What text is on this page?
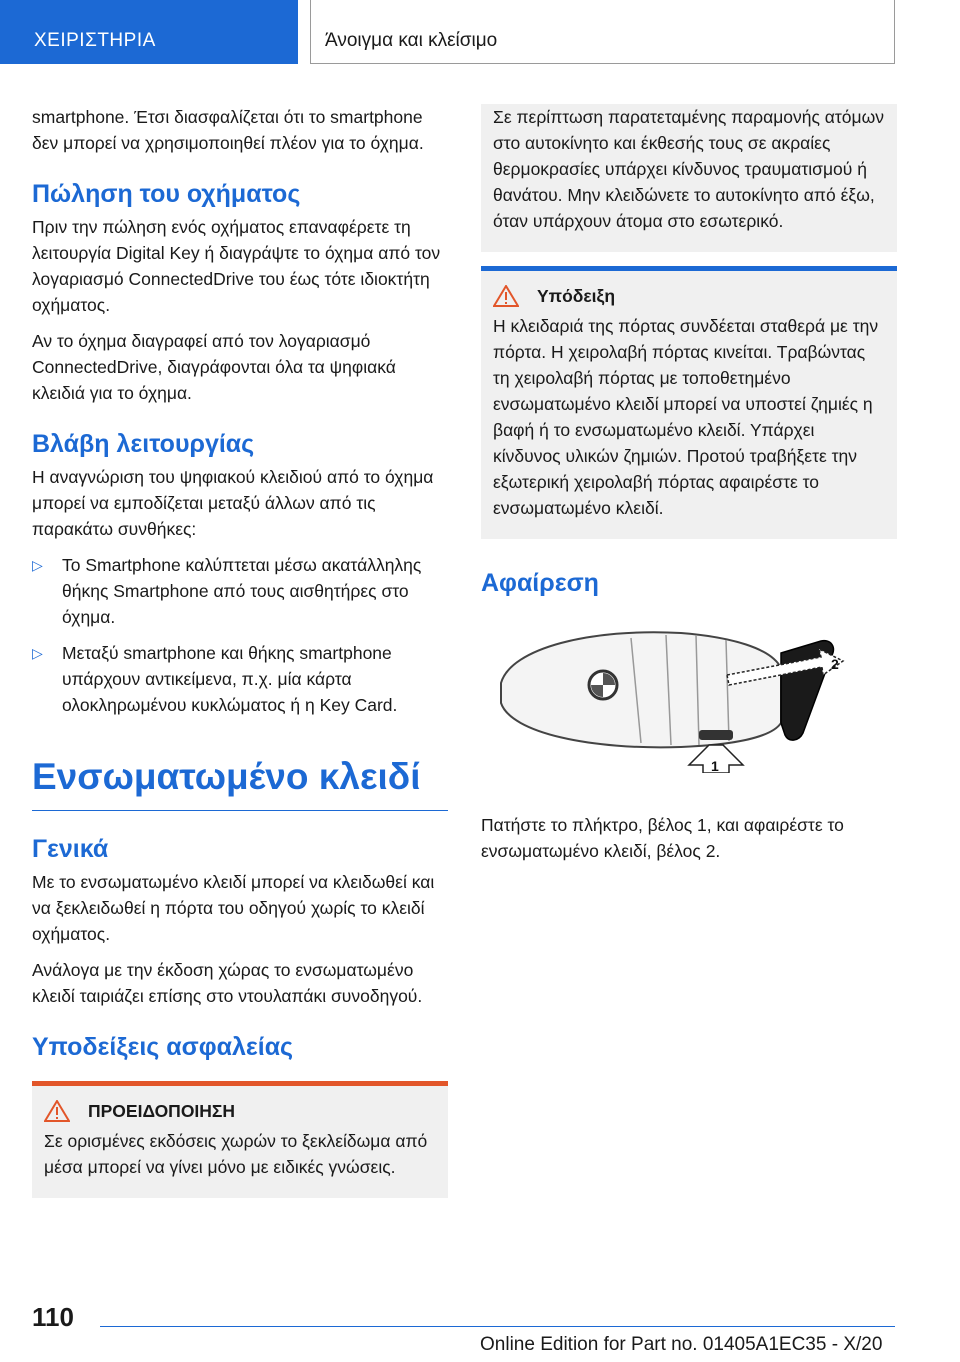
ΧΕΙΡΙΣΤΗΡΙΑ	Άνοιγμα και κλείσιμο

smartphone. Έτσι διασφαλίζεται ότι το smartphone δεν μπορεί να χρησιμοποιηθεί πλέον για το όχημα.

Πώληση του οχήματος

Πριν την πώληση ενός οχήματος επαναφέρετε τη λειτουργία Digital Key ή διαγράψτε το όχημα από τον λογαριασμό ConnectedDrive του έως τότε ιδιοκτήτη οχήματος.

Αν το όχημα διαγραφεί από τον λογαριασμό ConnectedDrive, διαγράφονται όλα τα ψηφιακά κλειδιά για το όχημα.

Βλάβη λειτουργίας

Η αναγνώριση του ψηφιακού κλειδιού από το όχημα μπορεί να εμποδίζεται μεταξύ άλλων από τις παρακάτω συνθήκες:

▷ Το Smartphone καλύπτεται μέσω ακατάλληλης θήκης Smartphone από τους αισθητήρες στο όχημα.
▷ Μεταξύ smartphone και θήκης smartphone υπάρχουν αντικείμενα, π.χ. μία κάρτα ολοκληρωμένου κυκλώματος ή η Key Card.
Ενσωματωμένο κλειδί
Γενικά

Με το ενσωματωμένο κλειδί μπορεί να κλειδωθεί και να ξεκλειδωθεί η πόρτα του οδηγού χωρίς το κλειδί οχήματος.

Ανάλογα με την έκδοση χώρας το ενσωματωμένο κλειδί ταιριάζει επίσης στο ντουλαπάκι συνοδηγού.

Υποδείξεις ασφαλείας
ΠΡΟΕΙΔΟΠΟΙΗΣΗ

Σε ορισμένες εκδόσεις χωρών το ξεκλείδωμα από μέσα μπορεί να γίνει μόνο με ειδικές γνώσεις.

Σε περίπτωση παρατεταμένης παραμονής ατόμων στο αυτοκίνητο και έκθεσής τους σε ακραίες θερμοκρασίες υπάρχει κίνδυνος τραυματισμού ή θανάτου. Μην κλειδώνετε το αυτοκίνητο από έξω, όταν υπάρχουν άτομα στο εσωτερικό.

Υπόδειξη

Η κλειδαριά της πόρτας συνδέεται σταθερά με την πόρτα. Η χειρολαβή πόρτας κινείται. Τραβώντας τη χειρολαβή πόρτας με τοποθετημένο ενσωματωμένο κλειδί μπορεί να υποστεί ζημιές η βαφή ή το ενσωματωμένο κλειδί. Υπάρχει κίνδυνος υλικών ζημιών. Προτού τραβήξετε την εξωτερική χειρολαβή πόρτας αφαιρέστε το ενσωματωμένο κλειδί.

Αφαίρεση
2
1

Πατήστε το πλήκτρο, βέλος 1, και αφαιρέστε το ενσωματωμένο κλειδί, βέλος 2.

110
Online Edition for Part no. 01405A1EC35 - X/20
